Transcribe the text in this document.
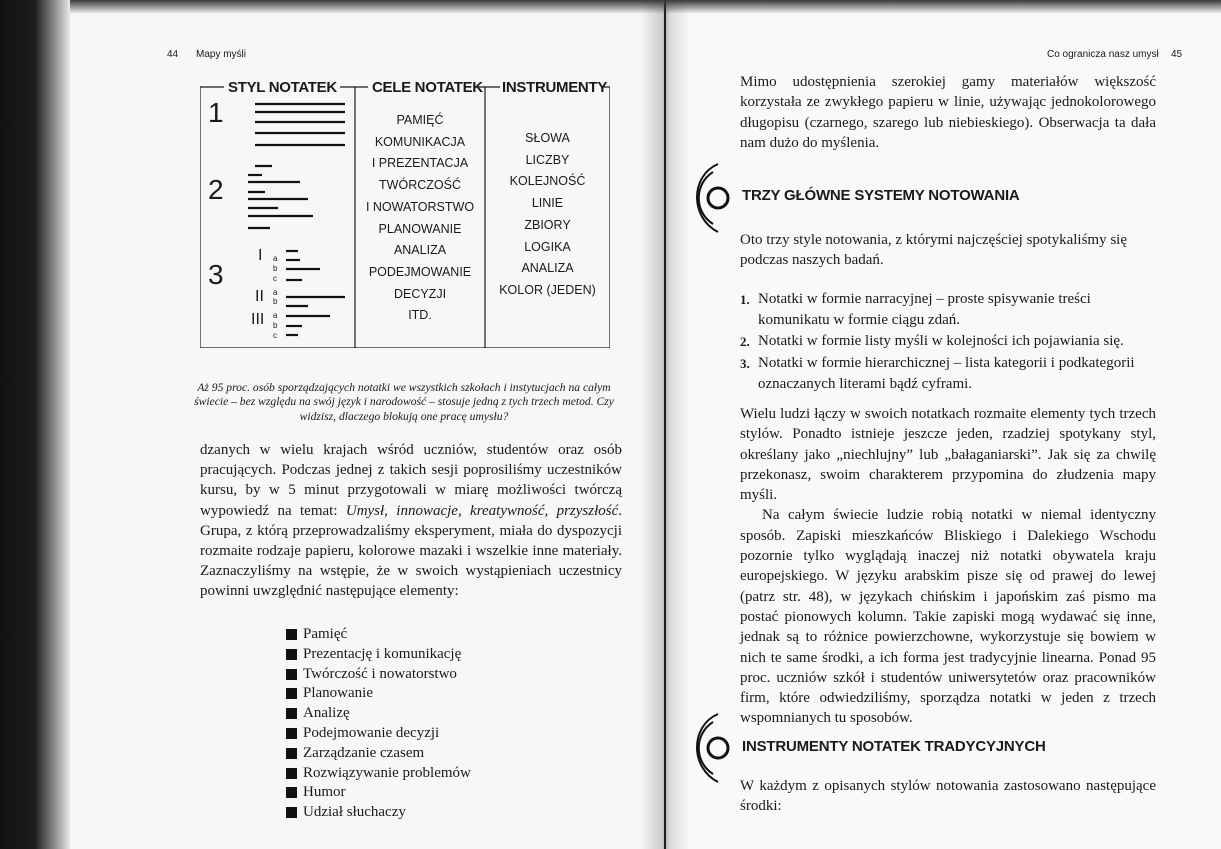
44 Mapy myśli
STYL NOTATEK CELE NOTATEK INSTRUMENTY
1
2
3
I
II
III
a
b
c
a
b
a
b
c
PAMIĘĆ
KOMUNIKACJA
I PREZENTACJA
TWÓRCZOŚĆ
I NOWATORSTWO
PLANOWANIE
ANALIZA
PODEJMOWANIE
DECYZJI
ITD.
SŁOWA
LICZBY
KOLEJNOŚĆ
LINIE
ZBIORY
LOGIKA
ANALIZA
KOLOR (JEDEN)
Aż 95 proc. osób sporządzających notatki we wszystkich szkołach i instytucjach na całym świecie – bez względu na swój język i narodowość – stosuje jedną z tych trzech metod. Czy widzisz, dlaczego blokują one pracę umysłu?

dzanych w wielu krajach wśród uczniów, studentów oraz osób pracujących. Podczas jednej z takich sesji poprosiliśmy uczestników kursu, by w 5 minut przygotowali w miarę możliwości twórczą wypowiedź na temat: Umysł, innowacje, kreatywność, przyszłość. Grupa, z którą przeprowadzaliśmy eksperyment, miała do dyspozycji rozmaite rodzaje papieru, kolorowe mazaki i wszelkie inne materiały. Zaznaczyliśmy na wstępie, że w swoich wystąpieniach uczestnicy powinni uwzględnić następujące elementy:

Pamięć
Prezentację i komunikację
Twórczość i nowatorstwo
Planowanie
Analizę
Podejmowanie decyzji
Zarządzanie czasem
Rozwiązywanie problemów
Humor
Udział słuchaczy
Co ogranicza nasz umysł 45

Mimo udostępnienia szerokiej gamy materiałów większość korzystała ze zwykłego papieru w linie, używając jednokolorowego długopisu (czarnego, szarego lub niebieskiego). Obserwacja ta dała nam dużo do myślenia.

TRZY GŁÓWNE SYSTEMY NOTOWANIA

Oto trzy style notowania, z którymi najczęściej spotykaliśmy się podczas naszych badań.

1. Notatki w formie narracyjnej – proste spisywanie treści komunikatu w formie ciągu zdań.
2. Notatki w formie listy myśli w kolejności ich pojawiania się.
3. Notatki w formie hierarchicznej – lista kategorii i podkategorii oznaczanych literami bądź cyframi.

Wielu ludzi łączy w swoich notatkach rozmaite elementy tych trzech stylów. Ponadto istnieje jeszcze jeden, rzadziej spotykany styl, określany jako „niechlujny” lub „bałaganiarski”. Jak się za chwilę przekonasz, swoim charakterem przypomina do złudzenia mapy myśli.

Na całym świecie ludzie robią notatki w niemal identyczny sposób. Zapiski mieszkańców Bliskiego i Dalekiego Wschodu pozornie tylko wyglądają inaczej niż notatki obywatela kraju europejskiego. W języku arabskim pisze się od prawej do lewej (patrz str. 48), w językach chińskim i japońskim zaś pismo ma postać pionowych kolumn. Takie zapiski mogą wydawać się inne, jednak są to różnice powierzchowne, wykorzystuje się bowiem w nich te same środki, a ich forma jest tradycyjnie linearna. Ponad 95 proc. uczniów szkół i studentów uniwersytetów oraz pracowników firm, które odwiedziliśmy, sporządza notatki w jeden z trzech wspomnianych tu sposobów.

INSTRUMENTY NOTATEK TRADYCYJNYCH

W każdym z opisanych stylów notowania zastosowano następujące środki:
